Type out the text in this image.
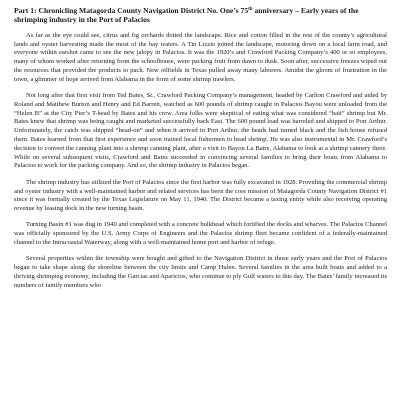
Part 1: Chronicling Matagorda County Navigation District No. One’s 75th anniversary – Early years of the shrimping industry in the Port of Palacios

As far as the eye could see, citrus and fig orchards dotted the landscape. Rice and cotton filled in the rest of the county’s agricultural lands and oyster harvesting made the most of the bay waters. A Tin Lizzie joined the landscape, motoring down on a local farm road, and everyone within earshot came to see the new jalopy in Palacios. It was the 1920’s and Crawford Packing Company’s 400 or so employees, many of whom worked after returning from the schoolhouse, were packing fruit from dawn to dusk. Soon after, successive freezes wiped out the resources that provided the products to pack. New oilfields in Texas pulled away many laborers. Amidst the gloom of frustration in the town, a glimmer of hope arrived from Alabama in the form of some shrimp trawlers.

Not long after that first visit from Ted Bates, Sr., Crawford Packing Company’s management, headed by Carlton Crawford and aided by Roland and Matthew Burton and Henry and Ed Barrett, watched as 600 pounds of shrimp caught in Palacios Bayou were unloaded from the “Helen B” at the City Pier’s T-head by Bates and his crew. Area folks were skeptical of eating what was considered “bait” shrimp but Mr. Bates knew that shrimp was being caught and marketed successfully back East. The 600 pound load was barreled and shipped to Port Arthur. Unfortunately, the catch was shipped “head-on” and when it arrived in Port Arthur, the heads had turned black and the fish house refused them. Bates learned from that first experience and soon trained local fishermen to head shrimp. He was also instrumental in Mr. Crawford’s decision to convert the canning plant into a shrimp canning plant, after a visit to Bayou La Batre, Alabama to look at a shrimp cannery there. While on several subsequent visits, Crawford and Bates succeeded in convincing several families to bring their boats from Alabama to Palacios to work for the packing company. And so, the shrimp industry in Palacios began.

The shrimp industry has utilized the Port of Palacios since the first harbor was fully excavated in 1928. Providing the commercial shrimp and oyster industry with a well-maintained harbor and related services has been the core mission of Matagorda County Navigation District #1 since it was formally created by the Texas Legislature on May 11, 1940. The District became a taxing entity while also receiving operating revenue by leasing dock in the new turning basin.

Turning Basin #1 was dug in 1940 and completed with a concrete bulkhead which fortified the docks and wharves. The Palacios Channel was officially sponsored by the U.S. Army Corps of Engineers and the Palacios shrimp fleet became confident of a federally-maintained channel to the Intracoastal Waterway, along with a well-maintained home port and harbor of refuge.

Several properties within the township were bought and gifted to the Navigation District in those early years and the Port of Palacios began to take shape along the shoreline between the city limits and Camp Hulen. Several families in the area built boats and added to a thriving shrimping economy, including the Garcias and Aparicios, who continue to ply Gulf waters to this day. The Bates’ family increased its numbers of family members who
